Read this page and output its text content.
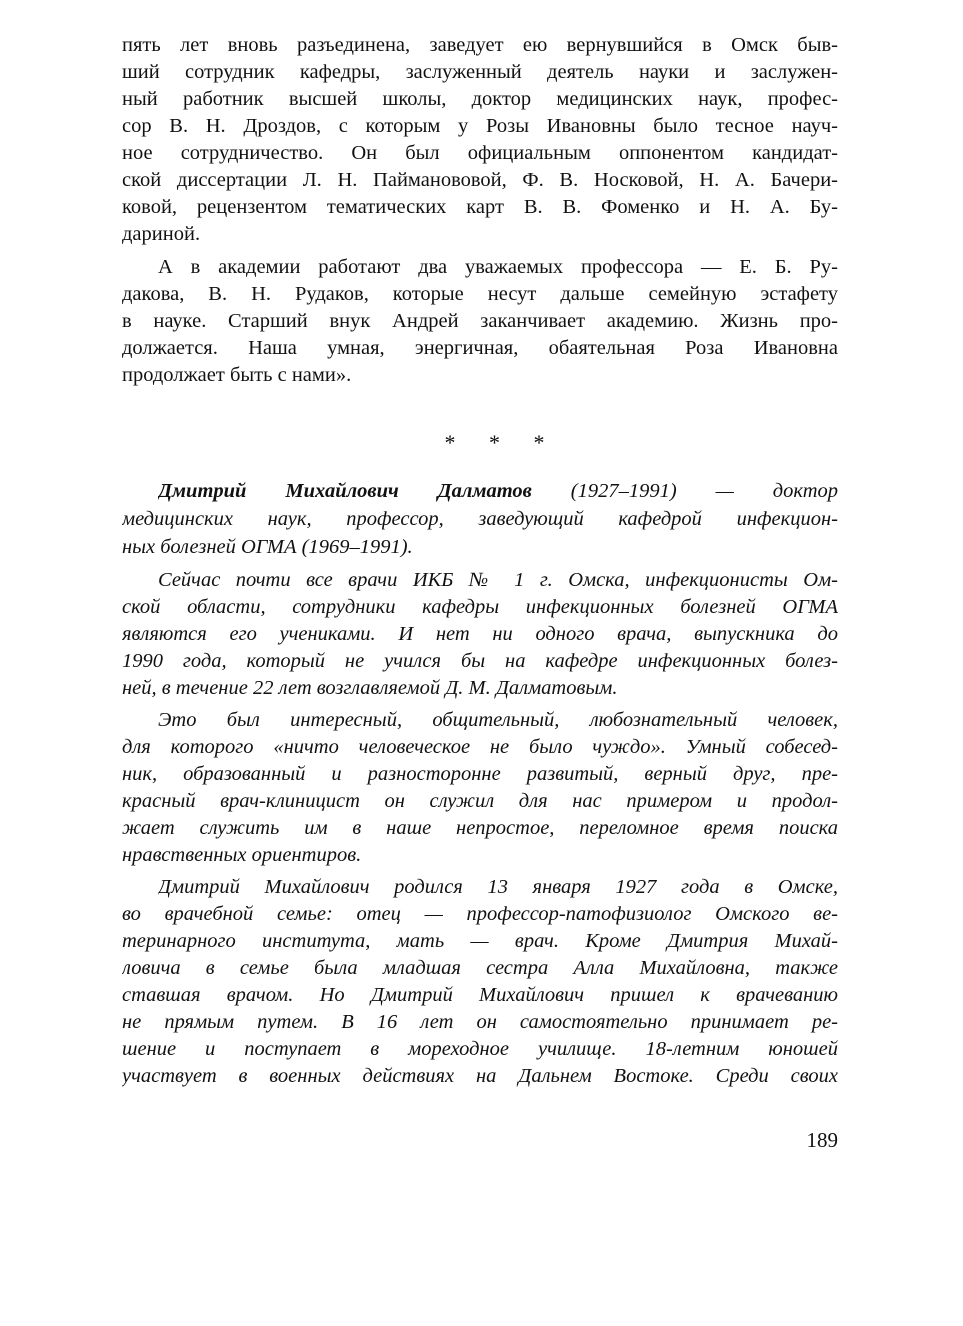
пять лет вновь разъединена, заведует ею вернувшийся в Омск быв-
ший сотрудник кафедры, заслуженный деятель науки и заслужен-
ный работник высшей школы, доктор медицинских наук, профес-
сор В. Н. Дроздов, с которым у Розы Ивановны было тесное науч-
ное сотрудничество. Он был официальным оппонентом кандидат-
ской диссертации Л. Н. Пайманововой, Ф. В. Носковой, Н. А. Бачери-
ковой, рецензентом тематических карт В. В. Фоменко и Н. А. Бу-
дариной.
А в академии работают два уважаемых профессора — Е. Б. Ру-
дакова, В. Н. Рудаков, которые несут дальше семейную эстафету
в науке. Старший внук Андрей заканчивает академию. Жизнь про-
должается. Наша умная, энергичная, обаятельная Роза Ивановна
продолжает быть с нами».
* * *
Дмитрий Михайлович Далматов (1927–1991) — доктор
медицинских наук, профессор, заведующий кафедрой инфекцион-
ных болезней ОГМА (1969–1991).
Сейчас почти все врачи ИКБ № 1 г. Омска, инфекционисты Ом-
ской области, сотрудники кафедры инфекционных болезней ОГМА
являются его учениками. И нет ни одного врача, выпускника до
1990 года, который не учился бы на кафедре инфекционных болез-
ней, в течение 22 лет возглавляемой Д. М. Далматовым.
Это был интересный, общительный, любознательный человек,
для которого «ничто человеческое не было чуждо». Умный собесед-
ник, образованный и разносторонне развитый, верный друг, пре-
красный врач-клиницист он служил для нас примером и продол-
жает служить им в наше непростое, переломное время поиска
нравственных ориентиров.
Дмитрий Михайлович родился 13 января 1927 года в Омске,
во врачебной семье: отец — профессор-патофизиолог Омского ве-
теринарного института, мать — врач. Кроме Дмитрия Михай-
ловича в семье была младшая сестра Алла Михайловна, также
ставшая врачом. Но Дмитрий Михайлович пришел к врачеванию
не прямым путем. В 16 лет он самостоятельно принимает ре-
шение и поступает в мореходное училище. 18-летним юношей
участвует в военных действиях на Дальнем Востоке. Среди своих
189
